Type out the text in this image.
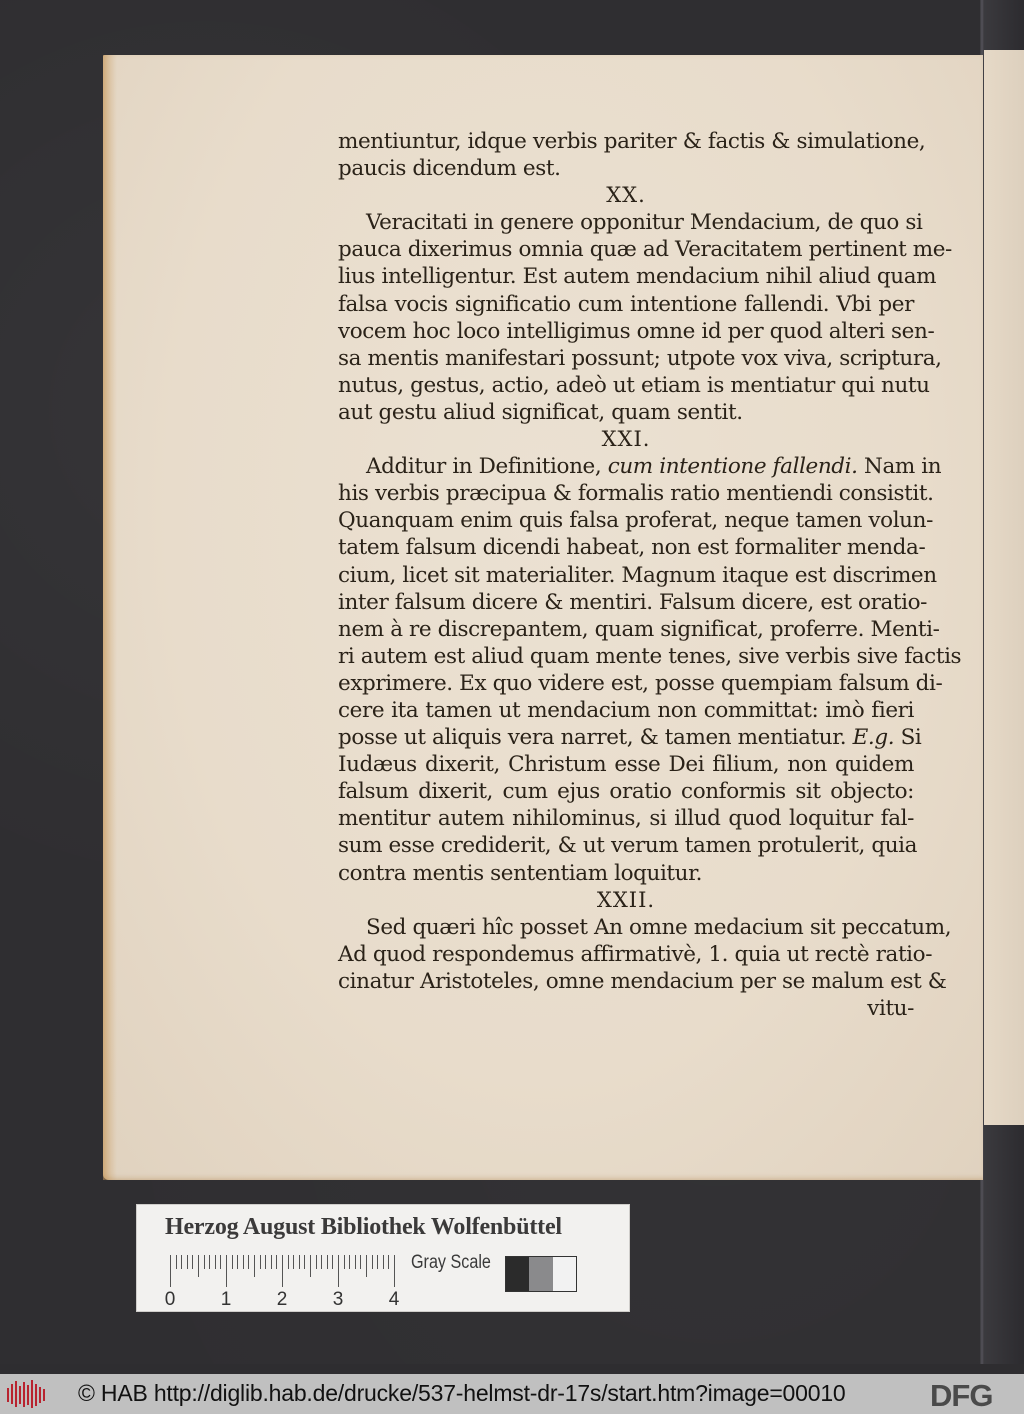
mentiuntur, idque verbis pariter & factis & simulatione,
paucis dicendum est.
XX.
Veracitati in genere opponitur Mendacium, de quo si
pauca dixerimus omnia quæ ad Veracitatem pertinent me-
lius intelligentur. Est autem mendacium nihil aliud quam
falsa vocis significatio cum intentione fallendi. Vbi per
vocem hoc loco intelligimus omne id per quod alteri sen-
sa mentis manifestari possunt; utpote vox viva, scriptura,
nutus, gestus, actio, adeò ut etiam is mentiatur qui nutu
aut gestu aliud significat, quam sentit.
XXI.
Additur in Definitione, cum intentione fallendi. Nam in
his verbis præcipua & formalis ratio mentiendi consistit.
Quanquam enim quis falsa proferat, neque tamen volun-
tatem falsum dicendi habeat, non est formaliter menda-
cium, licet sit materialiter. Magnum itaque est discrimen
inter falsum dicere & mentiri. Falsum dicere, est oratio-
nem à re discrepantem, quam significat, proferre. Menti-
ri autem est aliud quam mente tenes, sive verbis sive factis
exprimere. Ex quo videre est, posse quempiam falsum di-
cere ita tamen ut mendacium non committat: imò fieri
posse ut aliquis vera narret, & tamen mentiatur. E.g. Si
Iudæus dixerit, Christum esse Dei filium, non quidem
falsum dixerit, cum ejus oratio conformis sit objecto:
mentitur autem nihilominus, si illud quod loquitur fal-
sum esse crediderit, & ut verum tamen protulerit, quia
contra mentis sententiam loquitur.
XXII.
Sed quæri hîc posset An omne medacium sit peccatum,
Ad quod respondemus affirmativè, 1. quia ut rectè ratio-
cinatur Aristoteles, omne mendacium per se malum est &
vitu-
Herzog August Bibliothek Wolfenbüttel
0 1 2 3 4
Gray Scale
© HAB http://diglib.hab.de/drucke/537-helmst-dr-17s/start.htm?image=00010	DFG
